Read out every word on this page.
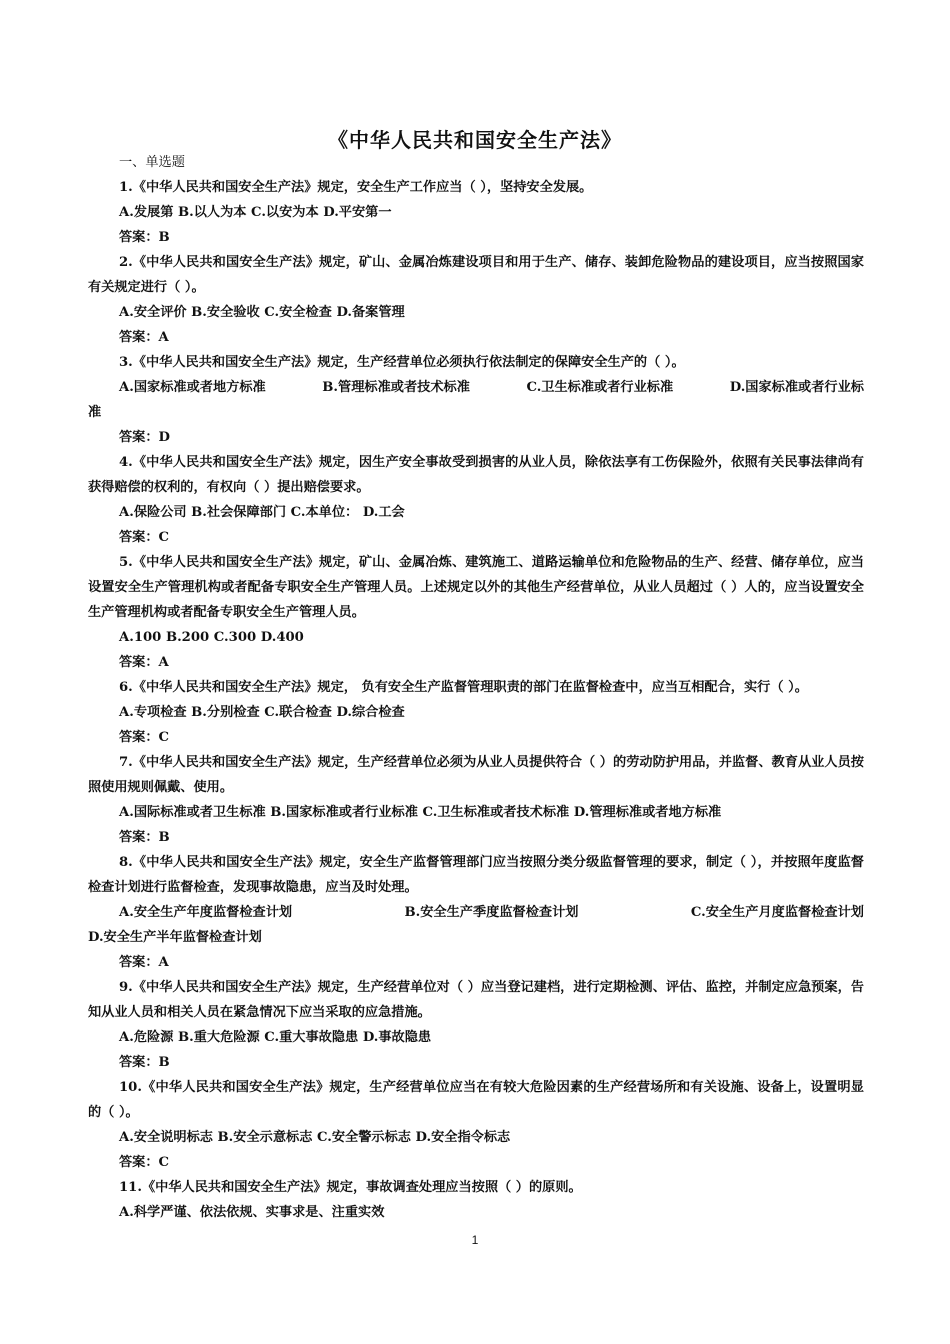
《中华人民共和国安全生产法》
一、单选题
1.《中华人民共和国安全生产法》规定，安全生产工作应当（ ），坚持安全发展。
A.发展第 B.以人为本 C.以安为本 D.平安第一
答案：B
2.《中华人民共和国安全生产法》规定，矿山、金属冶炼建设项目和用于生产、储存、装卸危险物品的建设项目，应当按照国家有关规定进行（ ）。
A.安全评价 B.安全验收 C.安全检查 D.备案管理
答案：A
3.《中华人民共和国安全生产法》规定，生产经营单位必须执行依法制定的保障安全生产的（ ）。
A.国家标准或者地方标准	B.管理标准或者技术标准	C.卫生标准或者行业标准	D.国家标准或者行业标
准
答案：D
4.《中华人民共和国安全生产法》规定，因生产安全事故受到损害的从业人员，除依法享有工伤保险外，依照有关民事法律尚有获得赔偿的权利的，有权向（ ）提出赔偿要求。
A.保险公司 B.社会保障部门 C.本单位： D.工会
答案：C
5.《中华人民共和国安全生产法》规定，矿山、金属冶炼、建筑施工、道路运输单位和危险物品的生产、经营、储存单位，应当设置安全生产管理机构或者配备专职安全生产管理人员。上述规定以外的其他生产经营单位，从业人员超过（ ）人的，应当设置安全生产管理机构或者配备专职安全生产管理人员。
A.100 B.200 C.300 D.400
答案：A
6.《中华人民共和国安全生产法》规定， 负有安全生产监督管理职责的部门在监督检查中，应当互相配合，实行（ ）。
A.专项检查 B.分别检查 C.联合检查 D.综合检查
答案：C
7.《中华人民共和国安全生产法》规定，生产经营单位必须为从业人员提供符合（ ）的劳动防护用品，并监督、教育从业人员按照使用规则佩戴、使用。
A.国际标准或者卫生标准 B.国家标准或者行业标准 C.卫生标准或者技术标准 D.管理标准或者地方标准
答案：B
8.《中华人民共和国安全生产法》规定，安全生产监督管理部门应当按照分类分级监督管理的要求，制定（ ），并按照年度监督检查计划进行监督检查，发现事故隐患，应当及时处理。
A.安全生产年度监督检查计划	B.安全生产季度监督检查计划	C.安全生产月度监督检查计划
D.安全生产半年监督检查计划
答案：A
9.《中华人民共和国安全生产法》规定，生产经营单位对（ ）应当登记建档，进行定期检测、评估、监控，并制定应急预案，告知从业人员和相关人员在紧急情况下应当采取的应急措施。
A.危险源 B.重大危险源 C.重大事故隐患 D.事故隐患
答案：B
10.《中华人民共和国安全生产法》规定，生产经营单位应当在有较大危险因素的生产经营场所和有关设施、设备上，设置明显的（ ）。
A.安全说明标志 B.安全示意标志 C.安全警示标志 D.安全指令标志
答案：C
11.《中华人民共和国安全生产法》规定，事故调查处理应当按照（ ）的原则。
A.科学严谨、依法依规、实事求是、注重实效
1
